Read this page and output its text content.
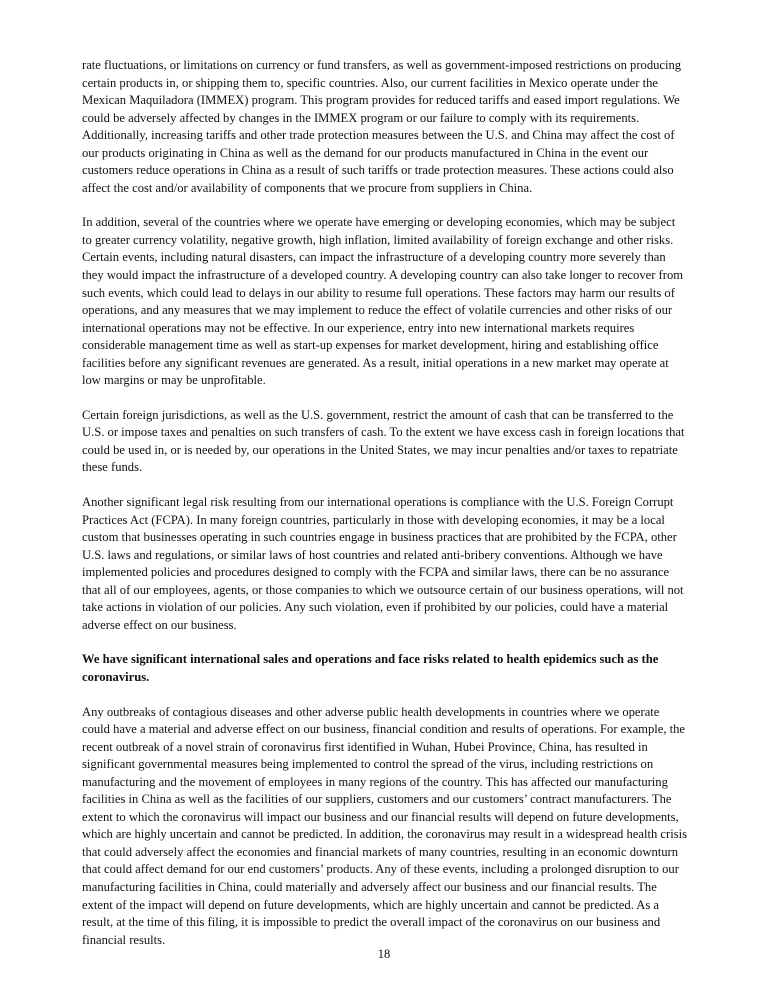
rate fluctuations, or limitations on currency or fund transfers, as well as government-imposed restrictions on producing certain products in, or shipping them to, specific countries. Also, our current facilities in Mexico operate under the Mexican Maquiladora (IMMEX) program. This program provides for reduced tariffs and eased import regulations. We could be adversely affected by changes in the IMMEX program or our failure to comply with its requirements. Additionally, increasing tariffs and other trade protection measures between the U.S. and China may affect the cost of our products originating in China as well as the demand for our products manufactured in China in the event our customers reduce operations in China as a result of such tariffs or trade protection measures. These actions could also affect the cost and/or availability of components that we procure from suppliers in China.

In addition, several of the countries where we operate have emerging or developing economies, which may be subject to greater currency volatility, negative growth, high inflation, limited availability of foreign exchange and other risks. Certain events, including natural disasters, can impact the infrastructure of a developing country more severely than they would impact the infrastructure of a developed country. A developing country can also take longer to recover from such events, which could lead to delays in our ability to resume full operations. These factors may harm our results of operations, and any measures that we may implement to reduce the effect of volatile currencies and other risks of our international operations may not be effective. In our experience, entry into new international markets requires considerable management time as well as start-up expenses for market development, hiring and establishing office facilities before any significant revenues are generated. As a result, initial operations in a new market may operate at low margins or may be unprofitable.

Certain foreign jurisdictions, as well as the U.S. government, restrict the amount of cash that can be transferred to the U.S. or impose taxes and penalties on such transfers of cash. To the extent we have excess cash in foreign locations that could be used in, or is needed by, our operations in the United States, we may incur penalties and/or taxes to repatriate these funds.

Another significant legal risk resulting from our international operations is compliance with the U.S. Foreign Corrupt Practices Act (FCPA). In many foreign countries, particularly in those with developing economies, it may be a local custom that businesses operating in such countries engage in business practices that are prohibited by the FCPA, other U.S. laws and regulations, or similar laws of host countries and related anti-bribery conventions. Although we have implemented policies and procedures designed to comply with the FCPA and similar laws, there can be no assurance that all of our employees, agents, or those companies to which we outsource certain of our business operations, will not take actions in violation of our policies. Any such violation, even if prohibited by our policies, could have a material adverse effect on our business.

We have significant international sales and operations and face risks related to health epidemics such as the coronavirus.

Any outbreaks of contagious diseases and other adverse public health developments in countries where we operate could have a material and adverse effect on our business, financial condition and results of operations. For example, the recent outbreak of a novel strain of coronavirus first identified in Wuhan, Hubei Province, China, has resulted in significant governmental measures being implemented to control the spread of the virus, including restrictions on manufacturing and the movement of employees in many regions of the country. This has affected our manufacturing facilities in China as well as the facilities of our suppliers, customers and our customers’ contract manufacturers. The extent to which the coronavirus will impact our business and our financial results will depend on future developments, which are highly uncertain and cannot be predicted. In addition, the coronavirus may result in a widespread health crisis that could adversely affect the economies and financial markets of many countries, resulting in an economic downturn that could affect demand for our end customers’ products. Any of these events, including a prolonged disruption to our manufacturing facilities in China, could materially and adversely affect our business and our financial results. The extent of the impact will depend on future developments, which are highly uncertain and cannot be predicted. As a result, at the time of this filing, it is impossible to predict the overall impact of the coronavirus on our business and financial results.

18
